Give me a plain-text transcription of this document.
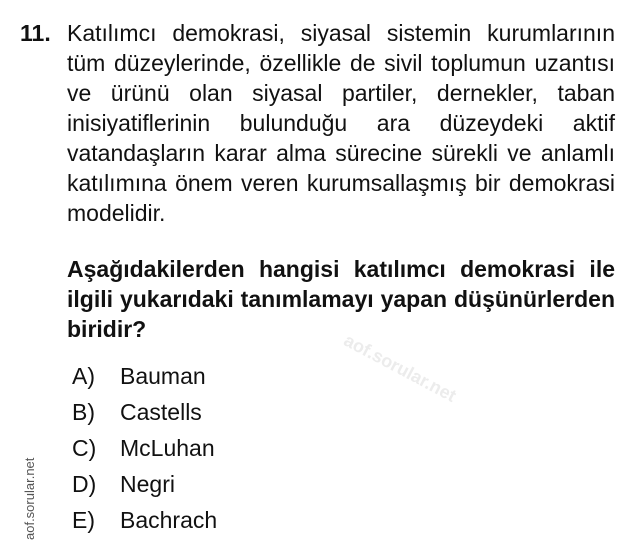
11. Katılımcı demokrasi, siyasal sistemin kurumlarının tüm düzeylerinde, özellikle de sivil toplumun uzantısı ve ürünü olan siyasal partiler, dernekler, taban inisiyatiflerinin bulunduğu ara düzeydeki aktif vatandaşların karar alma sürecine sürekli ve anlamlı katılımına önem veren kurumsallaşmış bir demokrasi modelidir.
Aşağıdakilerden hangisi katılımcı demokrasi ile ilgili yukarıdaki tanımlamayı yapan düşünürlerden biridir?
A)	Bauman
B)	Castells
C)	McLuhan
D)	Negri
E)	Bachrach
aof.sorular.net
aof.sorular.net
